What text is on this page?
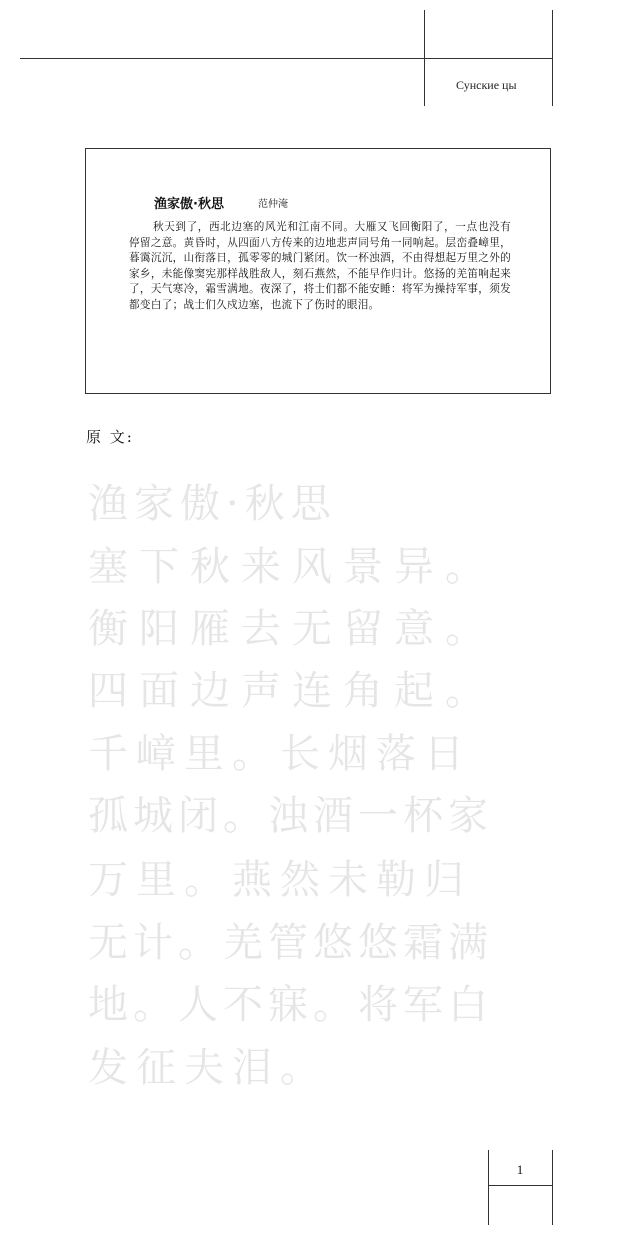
Сунские цы
渔家傲·秋思	范仲淹

秋天到了，西北边塞的风光和江南不同。大雁又飞回衡阳了，一点也没有停留之意。黄昏时，从四面八方传来的边地悲声同号角一同响起。层峦叠嶂里，暮霭沉沉，山衔落日，孤零零的城门紧闭。饮一杯浊酒，不由得想起万里之外的家乡，未能像窦宪那样战胜敌人，刻石燕然，不能早作归计。悠扬的羌笛响起来了，天气寒冷，霜雪满地。夜深了，将士们都不能安睡：将军为操持军事，须发都变白了；战士们久戍边塞，也流下了伤时的眼泪。

原 文:
渔家傲·秋思
塞下秋来风景异。
衡阳雁去无留意。
四面边声连角起。
千嶂里。长烟落日
孤城闭。浊酒一杯家
万里。燕然未勒归
无计。羌管悠悠霜满
地。人不寐。将军白
发征夫泪。
1
